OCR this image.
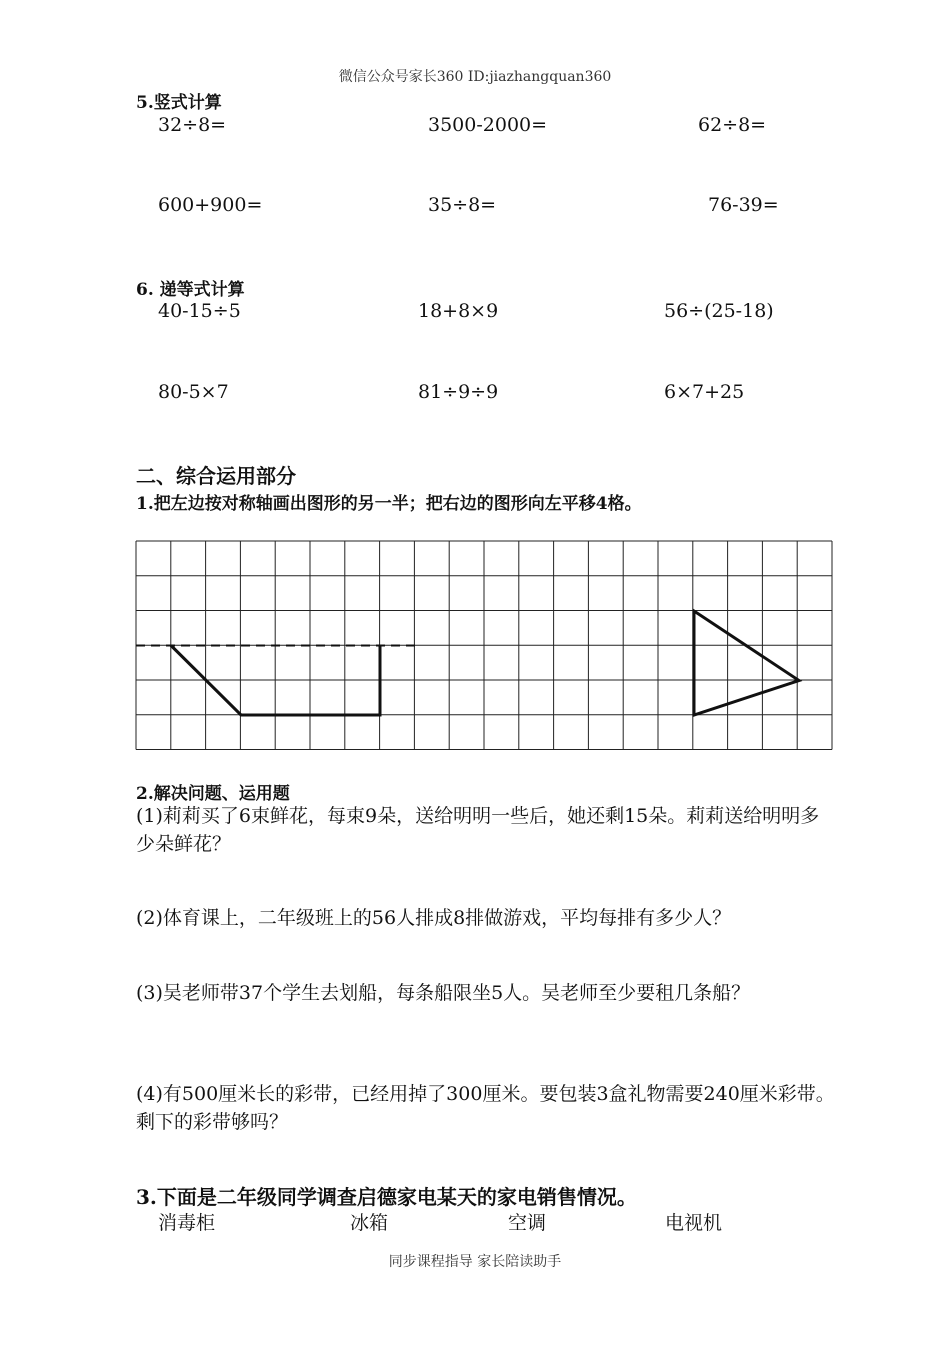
微信公众号家长360 ID:jiazhangquan360
5.竖式计算
32÷8=	3500-2000=	62÷8=
600+900=	35÷8=	76-39=
6. 递等式计算
40-15÷5	18+8×9	56÷(25-18)
80-5×7	81÷9÷9	6×7+25
二、综合运用部分
1.把左边按对称轴画出图形的另一半；把右边的图形向左平移4格。
2.解决问题、运用题
(1)莉莉买了6束鲜花，每束9朵，送给明明一些后，她还剩15朵。莉莉送给明明多少朵鲜花？
(2)体育课上，二年级班上的56人排成8排做游戏，平均每排有多少人？
(3)吴老师带37个学生去划船，每条船限坐5人。吴老师至少要租几条船？
(4)有500厘米长的彩带，已经用掉了300厘米。要包装3盒礼物需要240厘米彩带。剩下的彩带够吗？
3.下面是二年级同学调查启德家电某天的家电销售情况。
消毒柜	冰箱	空调	电视机
同步课程指导 家长陪读助手
